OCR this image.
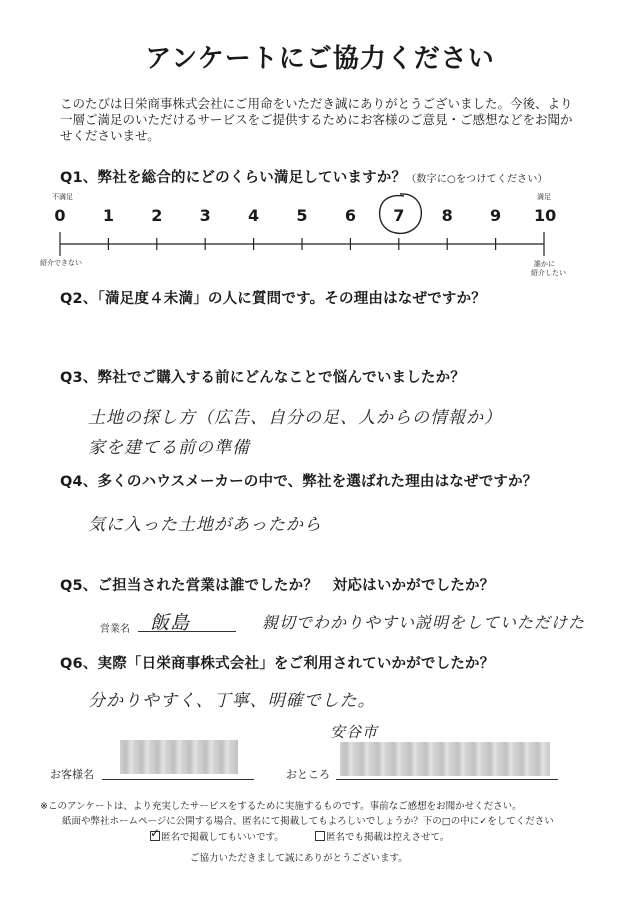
アンケートにご協力ください
このたびは日栄商事株式会社にご用命をいただき誠にありがとうございました。今後、より一層ご満足のいただけるサービスをご提供するためにお客様のご意見・ご感想などをお聞かせくださいませ。
Q1、弊社を総合的にどのくらい満足していますか？（数字に○をつけてください）
不満足	満足
0 1 2 3 4 5 6 7 8 9 10
紹介できない	誰かに
紹介したい
Q2、「満足度４未満」の人に質問です。その理由はなぜですか？
Q3、弊社でご購入する前にどんなことで悩んでいましたか？
土地の探し方（広告、自分の足、人からの情報か）
家を建てる前の準備
Q4、多くのハウスメーカーの中で、弊社を選ばれた理由はなぜですか？
気に入った土地があったから
Q5、ご担当された営業は誰でしたか？　対応はいかがでしたか？
営業名 飯島	親切でわかりやすい説明をしていただけた
Q6、実際「日栄商事株式会社」をご利用されていかがでしたか？
分かりやすく、丁寧、明確でした。
安谷市
お客様名	おところ
※このアンケートは、より充実したサービスをするために実施するものです。事前なご感想をお聞かせください。
紙面や弊社ホームページに公開する場合、匿名にて掲載してもよろしいでしょうか？下の□の中に✓をしてください
✓ 匿名で掲載してもいいです。	匿名でも掲載は控えさせて。
ご協力いただきまして誠にありがとうございます。
